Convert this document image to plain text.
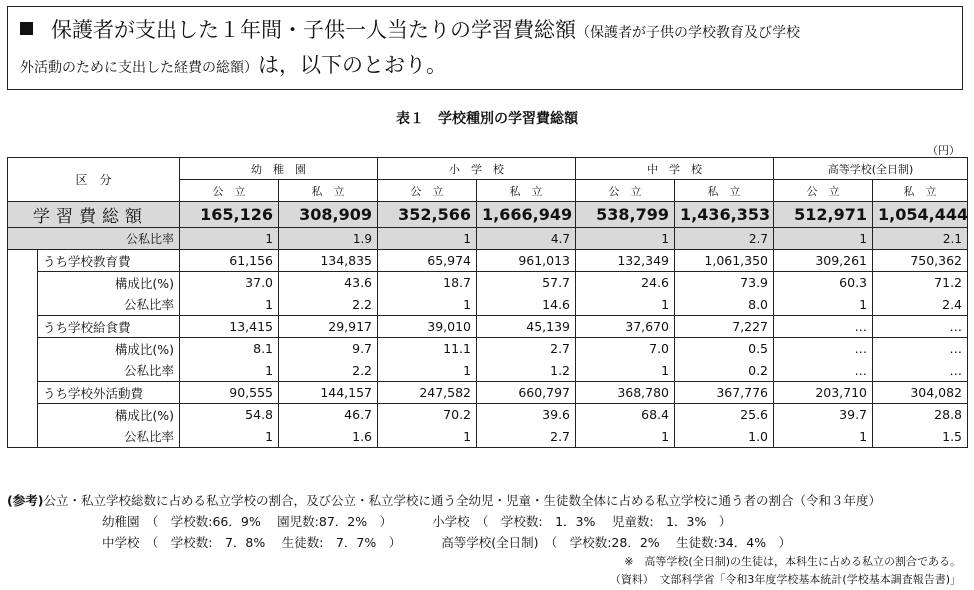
保護者が支出した１年間・子供一人当たりの学習費総額（保護者が子供の学校教育及び学校
外活動のために支出した経費の総額）は，以下のとおり。
表１　学校種別の学習費総額
（円）
区　分		幼　稚　園		小　学　校		中　学　校		高等学校(全日制)	
		公　立	私　立	公　立	私　立	公　立	私　立	公　立	私　立
学習費総額		165,126	308,909	352,566	1,666,949	538,799	1,436,353	512,971	1,054,444
公私比率		1	1.9	1	4.7	1	2.7	1	2.1
	うち学校教育費	61,156	134,835	65,974	961,013	132,349	1,061,350	309,261	750,362
	構成比(%)	37.0	43.6	18.7	57.7	24.6	73.9	60.3	71.2
	公私比率	1	2.2	1	14.6	1	8.0	1	2.4
	うち学校給食費	13,415	29,917	39,010	45,139	37,670	7,227	…	…
	構成比(%)	8.1	9.7	11.1	2.7	7.0	0.5	…	…
	公私比率	1	2.2	1	1.2	1	0.2	…	…
	うち学校外活動費	90,555	144,157	247,582	660,797	368,780	367,776	203,710	304,082
	構成比(%)	54.8	46.7	70.2	39.6	68.4	25.6	39.7	28.8
	公私比率	1	1.6	1	2.7	1	1.0	1	1.5
(参考)公立・私立学校総数に占める私立学校の割合，及び公立・私立学校に通う全幼児・児童・生徒数全体に占める私立学校に通う者の割合（令和３年度）
幼稚園　（　学校数:66．9%　 園児数:87．2%　）	小学校　（　学校数:　1．3%　 児童数:　1．3%　）
中学校　（　学校数:　7．8%　 生徒数:　7．7%　）	高等学校(全日制)　（　学校数:28．2%　 生徒数:34．4%　）
※　高等学校(全日制)の生徒は，本科生に占める私立の割合である。
（資料）　文部科学省「令和3年度学校基本統計(学校基本調査報告書)」
